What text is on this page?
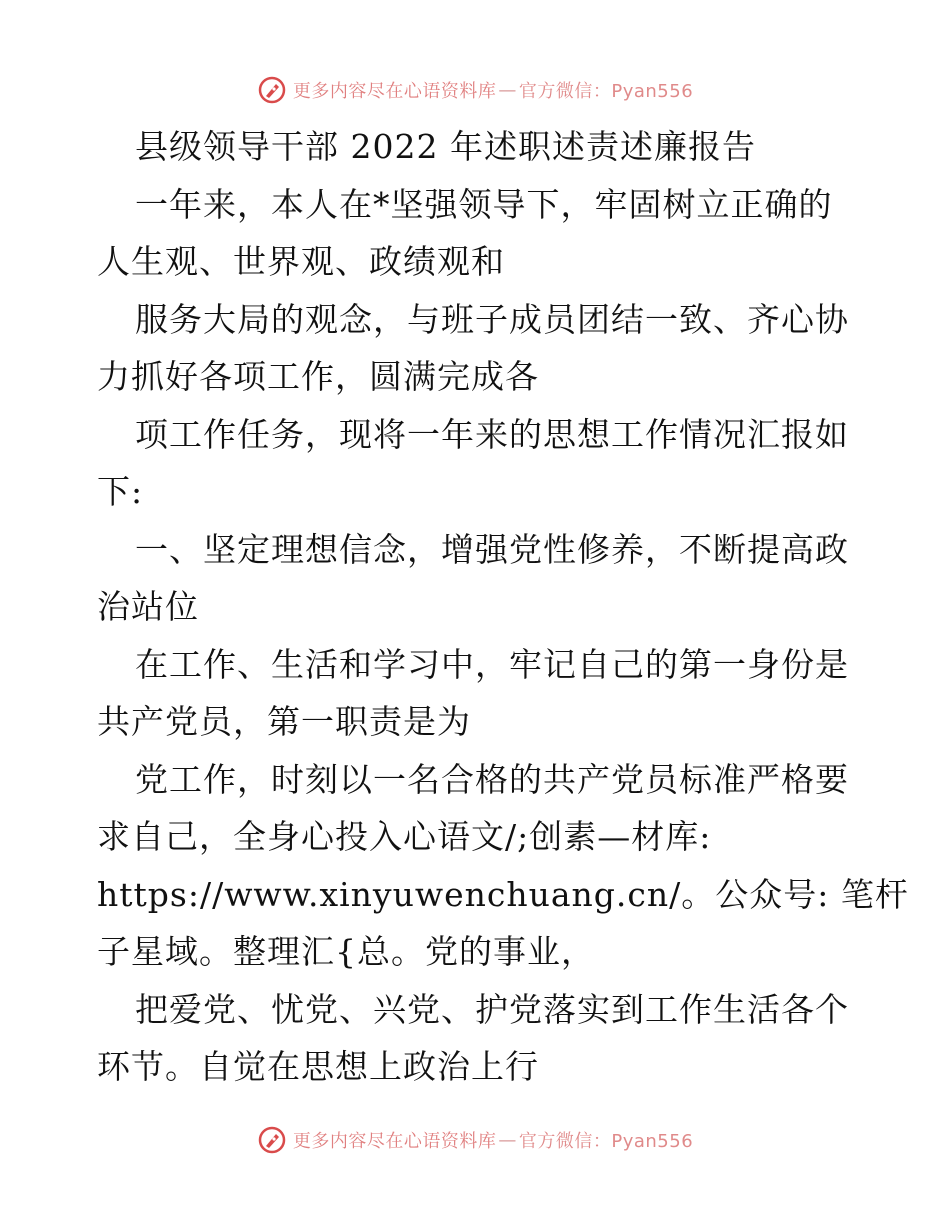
更多内容尽在心语资料库 — 官方微信：Pyan556
县级领导干部 2022 年述职述责述廉报告
一年来，本人在*坚强领导下，牢固树立正确的
人生观、世界观、政绩观和
服务大局的观念，与班子成员团结一致、齐心协
力抓好各项工作，圆满完成各
项工作任务，现将一年来的思想工作情况汇报如
下:
一、坚定理想信念，增强党性修养，不断提高政
治站位
在工作、生活和学习中，牢记自己的第一身份是
共产党员，第一职责是为
党工作，时刻以一名合格的共产党员标准严格要
求自己，全身心投入心语文/;创素—材库:
https://www.xinyuwenchuang.cn/。公众号: 笔杆
子星域。整理汇{总。党的事业，
把爱党、忧党、兴党、护党落实到工作生活各个
环节。自觉在思想上政治上行
更多内容尽在心语资料库 — 官方微信：Pyan556
